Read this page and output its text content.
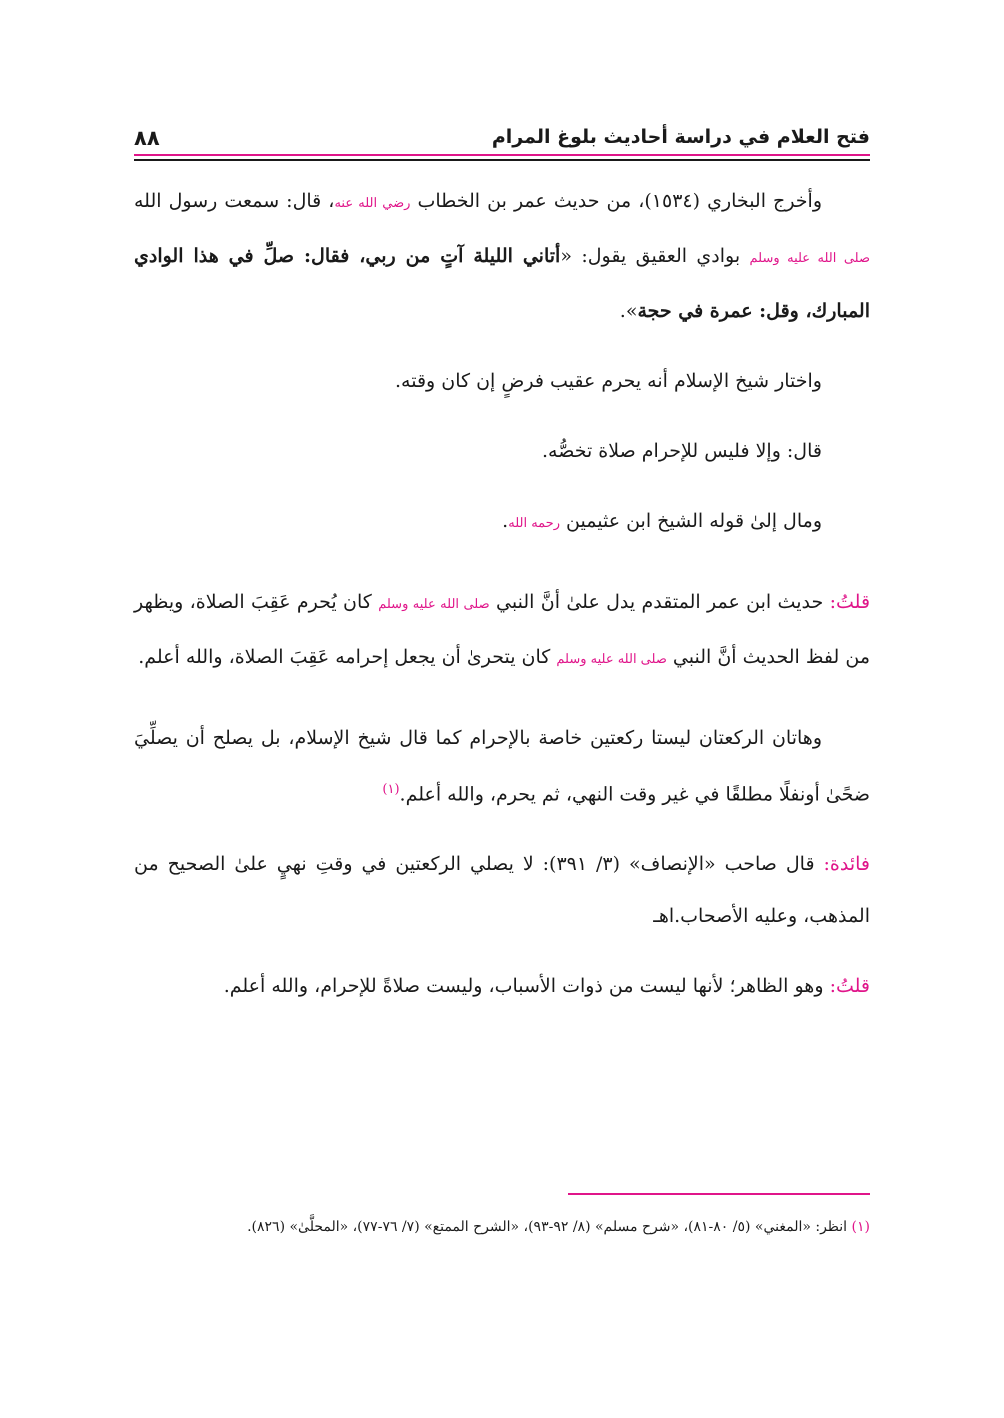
فتح العلام في دراسة أحاديث بلوغ المرام
٨٨

وأخرج البخاري (١٥٣٤)، من حديث عمر بن الخطاب رضي الله عنه، قال: سمعت رسول الله صلى الله عليه وسلم بوادي العقيق يقول: «أتاني الليلة آتٍ من ربي، فقال: صلِّ في هذا الوادي المبارك، وقل: عمرة في حجة».

واختار شيخ الإسلام أنه يحرم عقيب فرضٍ إن كان وقته.

قال: وإلا فليس للإحرام صلاة تخصُّه.

ومال إلىٰ قوله الشيخ ابن عثيمين رحمه الله.

قلتُ: حديث ابن عمر المتقدم يدل علىٰ أنَّ النبي صلى الله عليه وسلم كان يُحرم عَقِبَ الصلاة، ويظهر من لفظ الحديث أنَّ النبي صلى الله عليه وسلم كان يتحرىٰ أن يجعل إحرامه عَقِبَ الصلاة، والله أعلم.

وهاتان الركعتان ليستا ركعتين خاصة بالإحرام كما قال شيخ الإسلام، بل يصلح أن يصلِّيَ ضحًىٰ أونفلًا مطلقًا في غير وقت النهي، ثم يحرم، والله أعلم.$^{(١)}$

فائدة: قال صاحب «الإنصاف» (٣/ ٣٩١): لا يصلي الركعتين في وقتِ نهيٍ علىٰ الصحيح من المذهب، وعليه الأصحاب.اهـ

قلتُ: وهو الظاهر؛ لأنها ليست من ذوات الأسباب، وليست صلاةً للإحرام، والله أعلم.

(١) انظر: «المغني» (٥/ ٨٠-٨١)، «شرح مسلم» (٨/ ٩٢-٩٣)، «الشرح الممتع» (٧/ ٧٦-٧٧)، «المحلَّىٰ» (٨٢٦).
